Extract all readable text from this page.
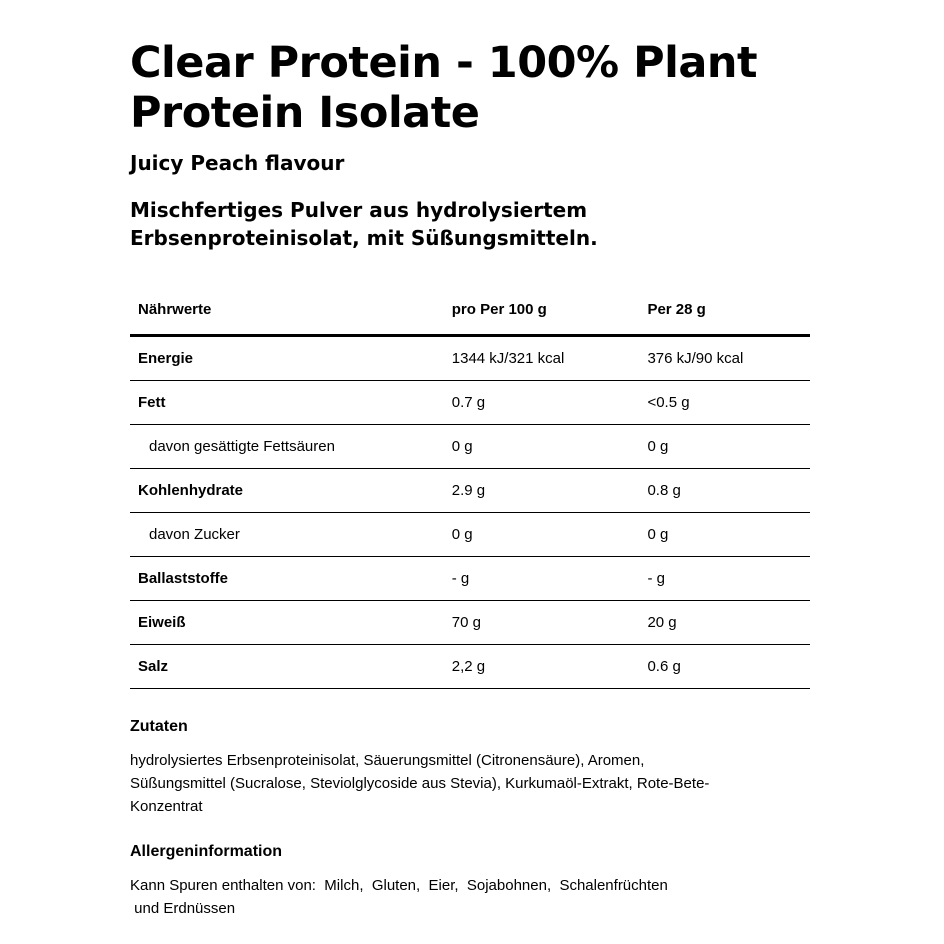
Clear Protein - 100% Plant
Protein Isolate
Juicy Peach flavour
Mischfertiges Pulver aus hydrolysiertem
Erbsenproteinisolat, mit Süßungsmitteln.
Nährwerte	pro Per 100 g	Per 28 g
Energie	1344 kJ/321 kcal	376 kJ/90 kcal
Fett	0.7 g	<0.5 g
davon gesättigte Fettsäuren	0 g	0 g
Kohlenhydrate	2.9 g	0.8 g
davon Zucker	0 g	0 g
Ballaststoffe	- g	- g
Eiweiß	70 g	20 g
Salz	2,2 g	0.6 g
Zutaten
hydrolysiertes Erbsenproteinisolat, Säuerungsmittel (Citronensäure), Aromen,
Süßungsmittel (Sucralose, Steviolglycoside aus Stevia), Kurkumaöl-Extrakt, Rote-Bete-
Konzentrat
Allergeninformation
Kann Spuren enthalten von:  Milch,  Gluten,  Eier,  Sojabohnen,  Schalenfrüchten
und Erdnüssen
